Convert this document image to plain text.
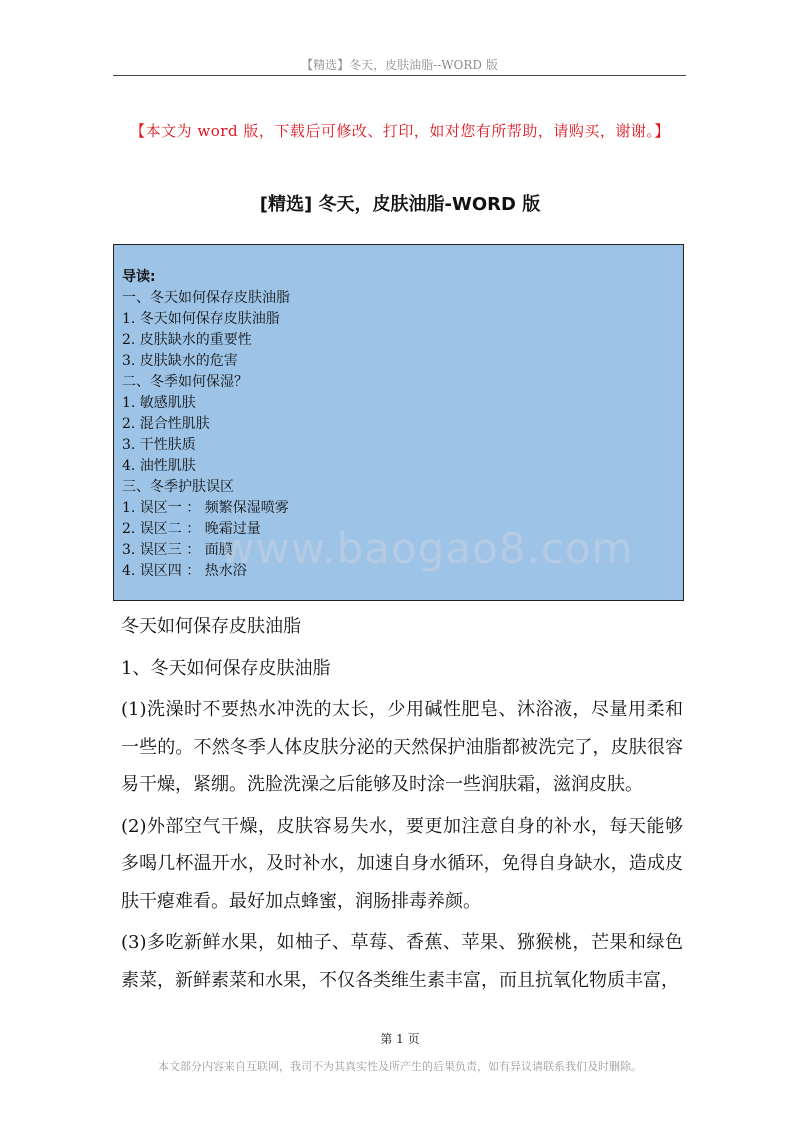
【精选】冬天，皮肤油脂--WORD 版
【本文为 word 版，下载后可修改、打印，如对您有所帮助，请购买，谢谢。】
[精选] 冬天，皮肤油脂-WORD 版
导读:
一、冬天如何保存皮肤油脂
1. 冬天如何保存皮肤油脂
2. 皮肤缺水的重要性
3. 皮肤缺水的危害
二、冬季如何保湿？
1. 敏感肌肤
2. 混合性肌肤
3. 干性肤质
4. 油性肌肤
三、冬季护肤误区
1. 误区一 ： 频繁保湿喷雾
2. 误区二 ： 晚霜过量
3. 误区三 ： 面膜
4. 误区四 ： 热水浴
www.baogao8.com

冬天如何保存皮肤油脂

1、冬天如何保存皮肤油脂

(1)洗澡时不要热水冲洗的太长，少用碱性肥皂、沐浴液，尽量用柔和一些的。不然冬季人体皮肤分泌的天然保护油脂都被洗完了，皮肤很容易干燥，紧绷。洗脸洗澡之后能够及时涂一些润肤霜，滋润皮肤。

(2)外部空气干燥，皮肤容易失水，要更加注意自身的补水，每天能够多喝几杯温开水，及时补水，加速自身水循环，免得自身缺水，造成皮肤干瘪难看。最好加点蜂蜜，润肠排毒养颜。

(3)多吃新鲜水果，如柚子、草莓、香蕉、苹果、猕猴桃，芒果和绿色素菜，新鲜素菜和水果，不仅各类维生素丰富，而且抗氧化物质丰富，

第 1 页
本文部分内容来自互联网，我司不为其真实性及所产生的后果负责，如有异议请联系我们及时删除。
